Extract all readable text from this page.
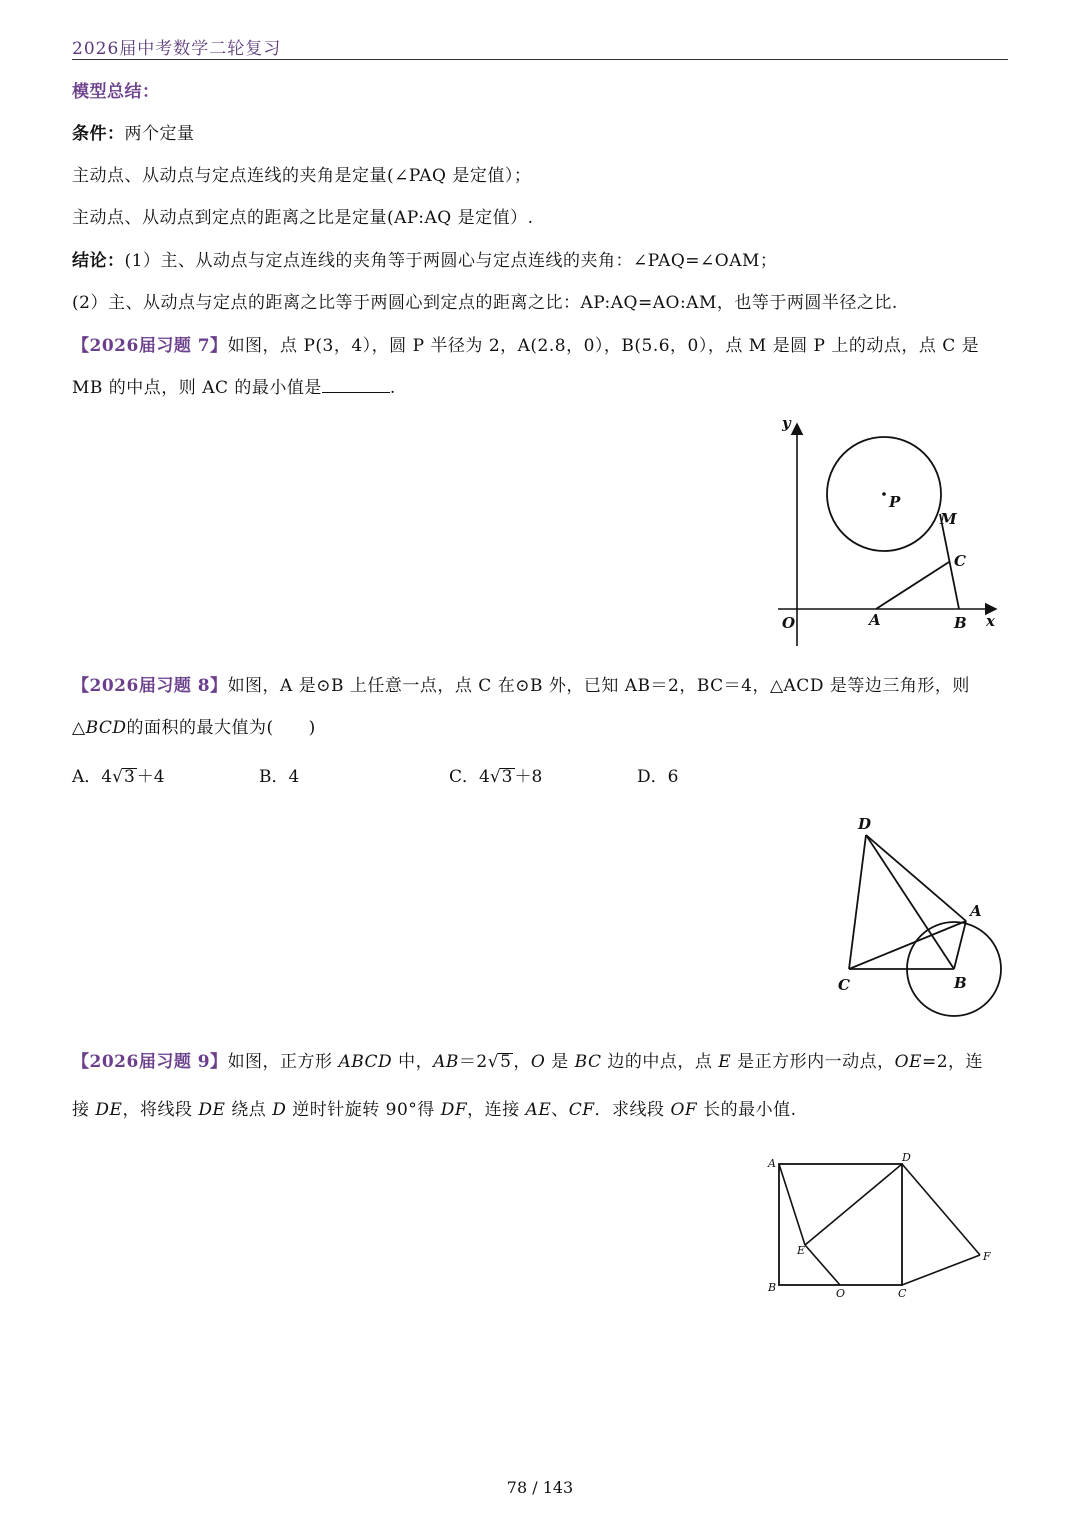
2026届中考数学二轮复习
模型总结：
条件：两个定量
主动点、从动点与定点连线的夹角是定量(∠PAQ 是定值）；
主动点、从动点到定点的距离之比是定量(AP:AQ 是定值）.
结论：(1）主、从动点与定点连线的夹角等于两圆心与定点连线的夹角：∠PAQ=∠OAM；
(2）主、从动点与定点的距离之比等于两圆心到定点的距离之比：AP:AQ=AO:AM，也等于两圆半径之比.
【2026届习题 7】如图，点 P(3，4），圆 P 半径为 2，A(2.8，0），B(5.6，0），点 M 是圆 P 上的动点，点 C 是
MB 的中点，则 AC 的最小值是	.
y
P
M
C
O	A	B x
【2026届习题 8】如图，A 是⊙B 上任意一点，点 C 在⊙B 外，已知 AB＝2，BC＝4，△ACD 是等边三角形，则
△BCD的面积的最大值为(　　)
A．4√3 ＋4	B．4	C．4√3 ＋8	D．6
D
A
C	B
【2026届习题 9】如图，正方形 ABCD 中，AB＝2√5 ，O 是 BC 边的中点，点 E 是正方形内一动点，OE=2，连
接 DE，将线段 DE 绕点 D 逆时针旋转 90°得 DF，连接 AE、CF．求线段 OF 长的最小值.
A	D
E	F
B	O	C
78 / 143
